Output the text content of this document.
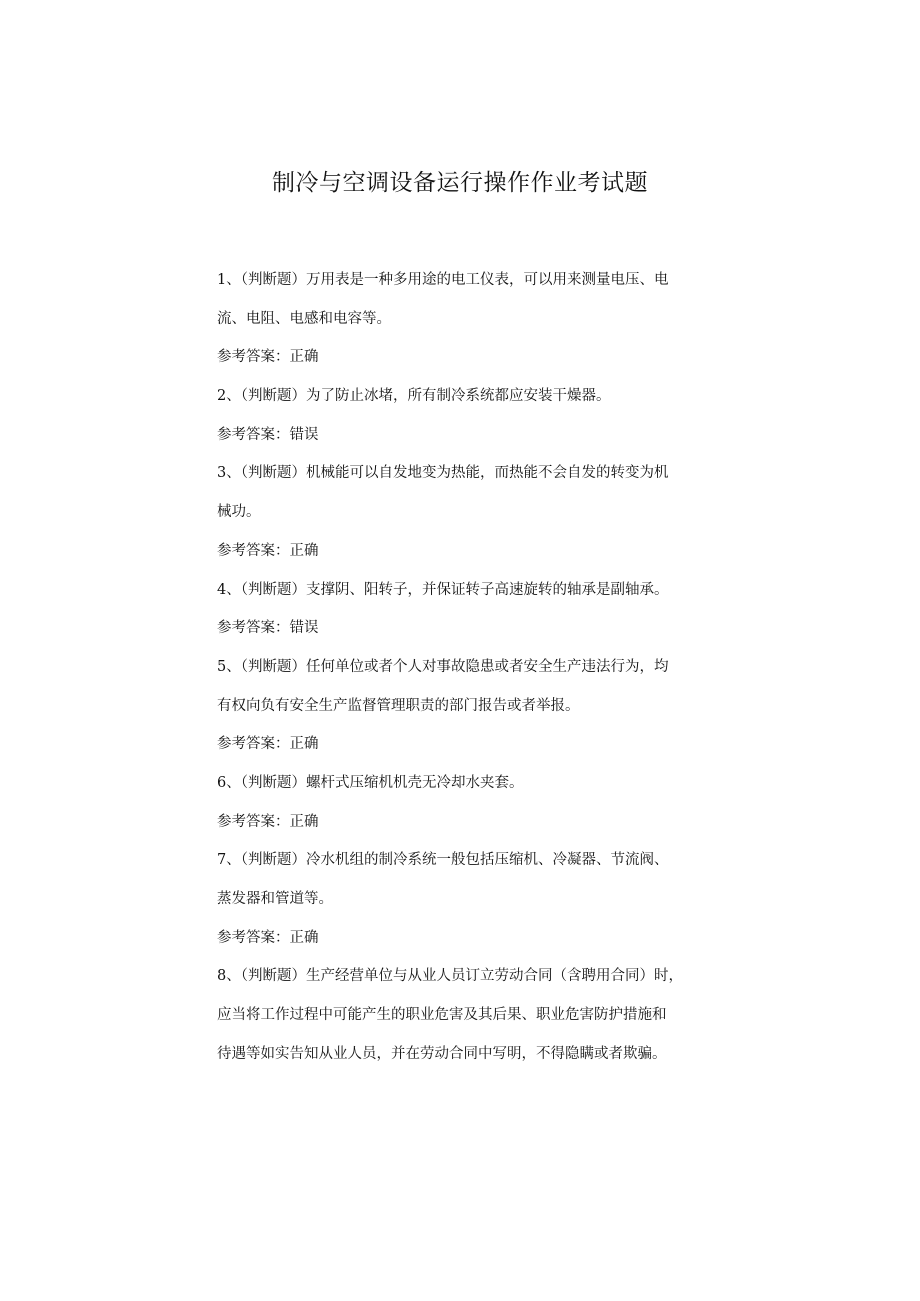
制冷与空调设备运行操作作业考试题

1、（判断题）万用表是一种多用途的电工仪表，可以用来测量电压、电

流、电阻、电感和电容等。

参考答案：正确

2、（判断题）为了防止冰堵，所有制冷系统都应安装干燥器。

参考答案：错误

3、（判断题）机械能可以自发地变为热能，而热能不会自发的转变为机

械功。

参考答案：正确

4、（判断题）支撑阴、阳转子，并保证转子高速旋转的轴承是副轴承。

参考答案：错误

5、（判断题）任何单位或者个人对事故隐患或者安全生产违法行为，均

有权向负有安全生产监督管理职责的部门报告或者举报。

参考答案：正确

6、（判断题）螺杆式压缩机机壳无冷却水夹套。

参考答案：正确

7、（判断题）冷水机组的制冷系统一般包括压缩机、冷凝器、节流阀、

蒸发器和管道等。

参考答案：正确

8、（判断题）生产经营单位与从业人员订立劳动合同（含聘用合同）时，

应当将工作过程中可能产生的职业危害及其后果、职业危害防护措施和

待遇等如实告知从业人员，并在劳动合同中写明，不得隐瞒或者欺骗。
